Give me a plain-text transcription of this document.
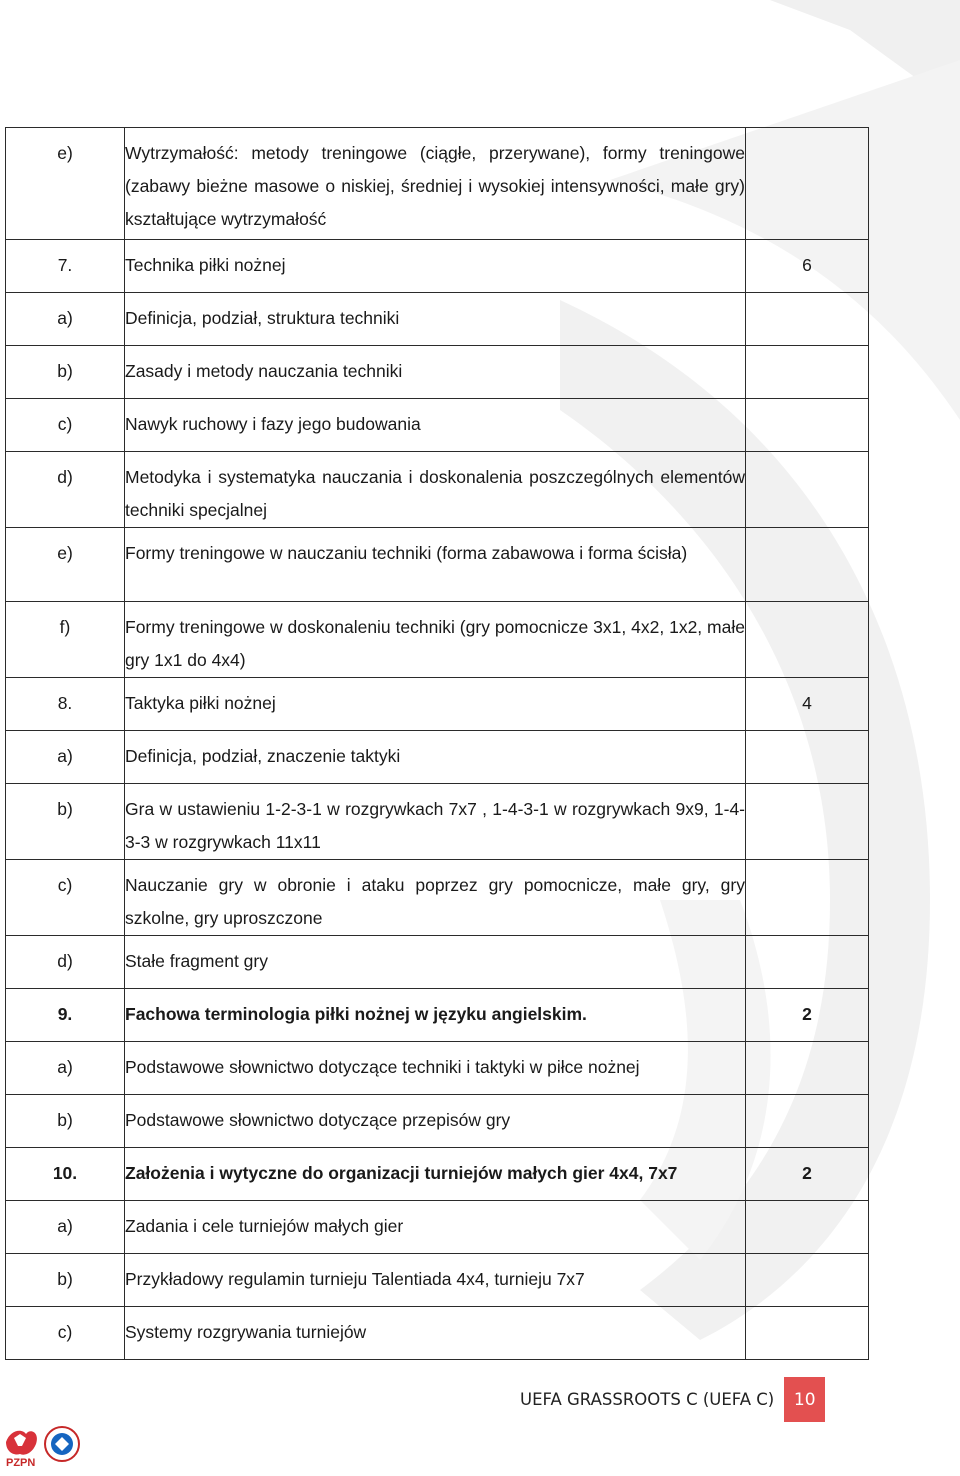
e)	Wytrzymałość: metody treningowe (ciągłe, przerywane), formy treningowe (zabawy bieżne masowe o niskiej, średniej i wysokiej intensywności, małe gry) kształtujące wytrzymałość	

7.	Technika piłki nożnej	6

a)	Definicja, podział, struktura techniki	

b)	Zasady i metody nauczania techniki	

c)	Nawyk ruchowy i fazy jego budowania	

d)	Metodyka i systematyka nauczania i doskonalenia poszczególnych elementów techniki specjalnej	

e)	Formy treningowe w nauczaniu techniki (forma zabawowa i forma ścisła)	

f)	Formy treningowe w doskonaleniu techniki (gry pomocnicze 3x1, 4x2, 1x2, małe gry 1x1 do 4x4)	

8.	Taktyka piłki nożnej	4

a)	Definicja, podział, znaczenie taktyki	

b)	Gra w ustawieniu 1-2-3-1 w rozgrywkach 7x7 , 1-4-3-1 w rozgrywkach 9x9, 1-4-3-3 w rozgrywkach 11x11	

c)	Nauczanie gry w obronie i ataku poprzez gry pomocnicze, małe gry, gry szkolne, gry uproszczone	

d)	Stałe fragment gry	

9.	Fachowa terminologia piłki nożnej w języku angielskim.	2

a)	Podstawowe słownictwo dotyczące techniki i taktyki w piłce nożnej	

b)	Podstawowe słownictwo dotyczące przepisów gry	

10.	Założenia i wytyczne do organizacji turniejów małych gier 4x4, 7x7	2

a)	Zadania i cele turniejów małych gier	

b)	Przykładowy regulamin turnieju Talentiada 4x4, turnieju 7x7	

c)	Systemy rozgrywania turniejów	

UEFA GRASSROOTS C (UEFA C)	10
PZPN
